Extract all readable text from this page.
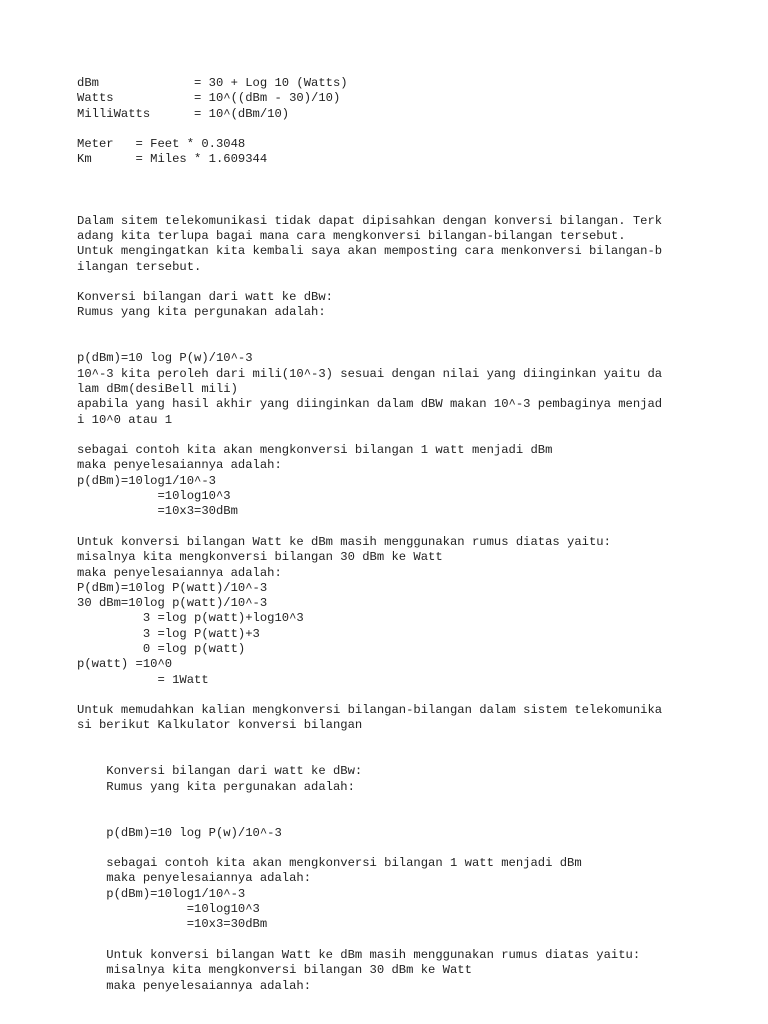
dBm             = 30 + Log 10 (Watts)
Watts           = 10^((dBm - 30)/10)
MilliWatts      = 10^(dBm/10)
Meter   = Feet * 0.3048
Km      = Miles * 1.609344
Dalam sitem telekomunikasi tidak dapat dipisahkan dengan konversi bilangan. Terk
adang kita terlupa bagai mana cara mengkonversi bilangan-bilangan tersebut.
Untuk mengingatkan kita kembali saya akan memposting cara menkonversi bilangan-b
ilangan tersebut.
Konversi bilangan dari watt ke dBw:
Rumus yang kita pergunakan adalah:
p(dBm)=10 log P(w)/10^-3
10^-3 kita peroleh dari mili(10^-3) sesuai dengan nilai yang diinginkan yaitu da
lam dBm(desiBell mili)
apabila yang hasil akhir yang diinginkan dalam dBW makan 10^-3 pembaginya menjad
i 10^0 atau 1
sebagai contoh kita akan mengkonversi bilangan 1 watt menjadi dBm
maka penyelesaiannya adalah:
p(dBm)=10log1/10^-3
=10log10^3
=10x3=30dBm
Untuk konversi bilangan Watt ke dBm masih menggunakan rumus diatas yaitu:
misalnya kita mengkonversi bilangan 30 dBm ke Watt
maka penyelesaiannya adalah:
P(dBm)=10log P(watt)/10^-3
30 dBm=10log p(watt)/10^-3
3 =log p(watt)+log10^3
3 =log P(watt)+3
0 =log p(watt)
p(watt) =10^0
= 1Watt
Untuk memudahkan kalian mengkonversi bilangan-bilangan dalam sistem telekomunika
si berikut Kalkulator konversi bilangan
Konversi bilangan dari watt ke dBw:
Rumus yang kita pergunakan adalah:
p(dBm)=10 log P(w)/10^-3
sebagai contoh kita akan mengkonversi bilangan 1 watt menjadi dBm
maka penyelesaiannya adalah:
p(dBm)=10log1/10^-3
=10log10^3
=10x3=30dBm
Untuk konversi bilangan Watt ke dBm masih menggunakan rumus diatas yaitu:
misalnya kita mengkonversi bilangan 30 dBm ke Watt
maka penyelesaiannya adalah:
